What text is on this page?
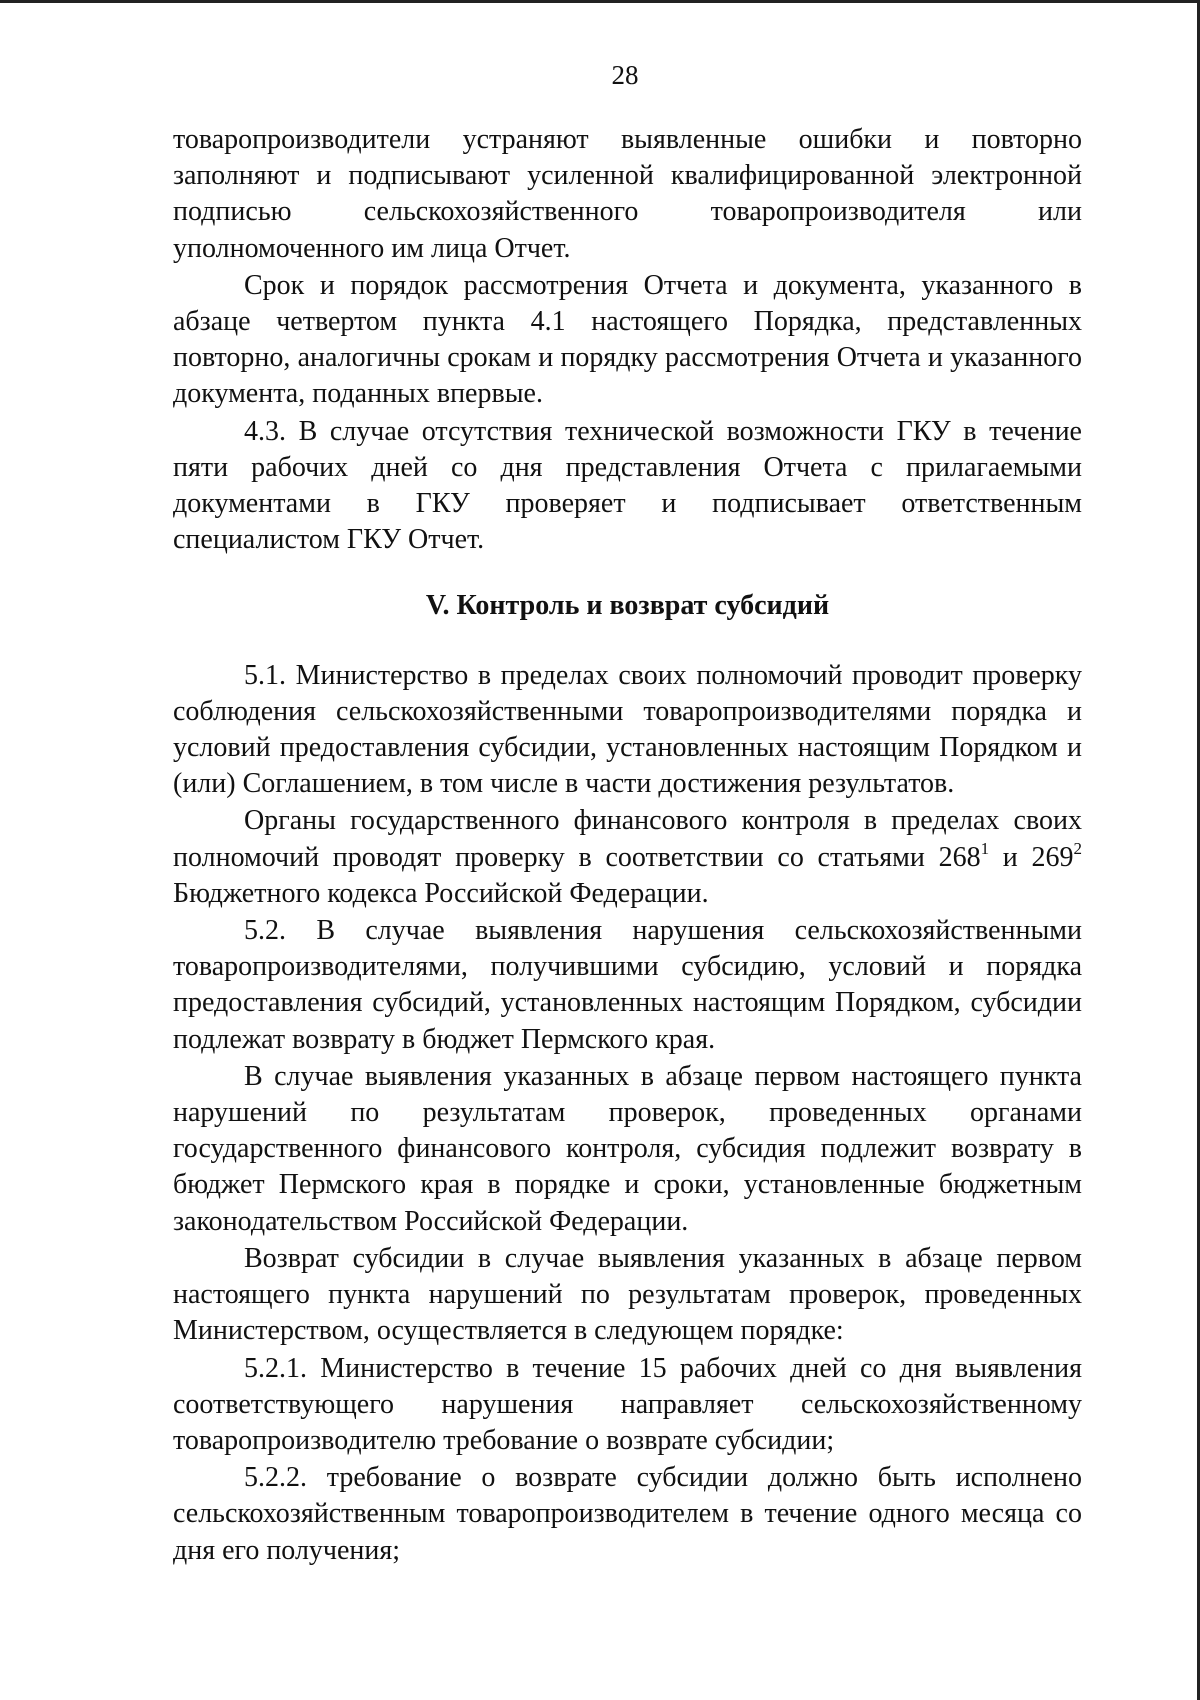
28

товаропроизводители устраняют выявленные ошибки и повторно заполняют и подписывают усиленной квалифицированной электронной подписью сельскохозяйственного товаропроизводителя или уполномоченного им лица Отчет.

Срок и порядок рассмотрения Отчета и документа, указанного в абзаце четвертом пункта 4.1 настоящего Порядка, представленных повторно, аналогичны срокам и порядку рассмотрения Отчета и указанного документа, поданных впервые.

4.3. В случае отсутствия технической возможности ГКУ в течение пяти рабочих дней со дня представления Отчета с прилагаемыми документами в ГКУ проверяет и подписывает ответственным специалистом ГКУ Отчет.

V. Контроль и возврат субсидий

5.1. Министерство в пределах своих полномочий проводит проверку соблюдения сельскохозяйственными товаропроизводителями порядка и условий предоставления субсидии, установленных настоящим Порядком и (или) Соглашением, в том числе в части достижения результатов.

Органы государственного финансового контроля в пределах своих полномочий проводят проверку в соответствии со статьями $268^1$ и $269^2$ Бюджетного кодекса Российской Федерации.

5.2. В случае выявления нарушения сельскохозяйственными товаропроизводителями, получившими субсидию, условий и порядка предоставления субсидий, установленных настоящим Порядком, субсидии подлежат возврату в бюджет Пермского края.

В случае выявления указанных в абзаце первом настоящего пункта нарушений по результатам проверок, проведенных органами государственного финансового контроля, субсидия подлежит возврату в бюджет Пермского края в порядке и сроки, установленные бюджетным законодательством Российской Федерации.

Возврат субсидии в случае выявления указанных в абзаце первом настоящего пункта нарушений по результатам проверок, проведенных Министерством, осуществляется в следующем порядке:

5.2.1. Министерство в течение 15 рабочих дней со дня выявления соответствующего нарушения направляет сельскохозяйственному товаропроизводителю требование о возврате субсидии;

5.2.2. требование о возврате субсидии должно быть исполнено сельскохозяйственным товаропроизводителем в течение одного месяца со дня его получения;
